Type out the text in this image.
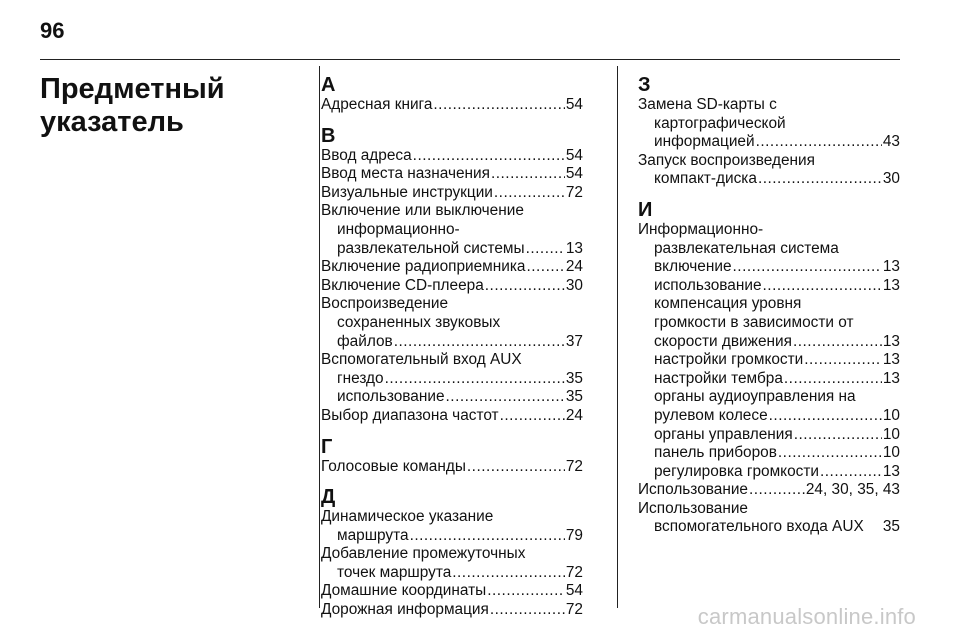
96
Предметный
указатель
А
Адресная книга .....	54
В
Ввод адреса .....	54
Ввод места назначения .....	54
Визуальные инструкции .....	72
Включение или выключение
информационно-
развлекательной системы .....	13
Включение радиоприемника .....	24
Включение CD-плеера .....	30
Воспроизведение
сохраненных звуковых
файлов .....	37
Вспомогательный вход AUX
гнездо .....	35
использование .....	35
Выбор диапазона частот .....	24
Г
Голосовые команды .....	72
Д
Динамическое указание
маршрута .....	79
Добавление промежуточных
точек маршрута .....	72
Домашние координаты .....	54
Дорожная информация .....	72
З
Замена SD-карты с
картографической
информацией .....	43
Запуск воспроизведения
компакт-диска .....	30
И
Информационно-
развлекательная система
включение .....	13
использование .....	13
компенсация уровня
громкости в зависимости от
скорости движения .....	13
настройки громкости .....	13
настройки тембра .....	13
органы аудиоуправления на
рулевом колесе .....	10
органы управления .....	10
панель приборов .....	10
регулировка громкости .....	13
Использование .....	24, 30, 35, 43
Использование
вспомогательного входа AUX 35
carmanualsonline.info
